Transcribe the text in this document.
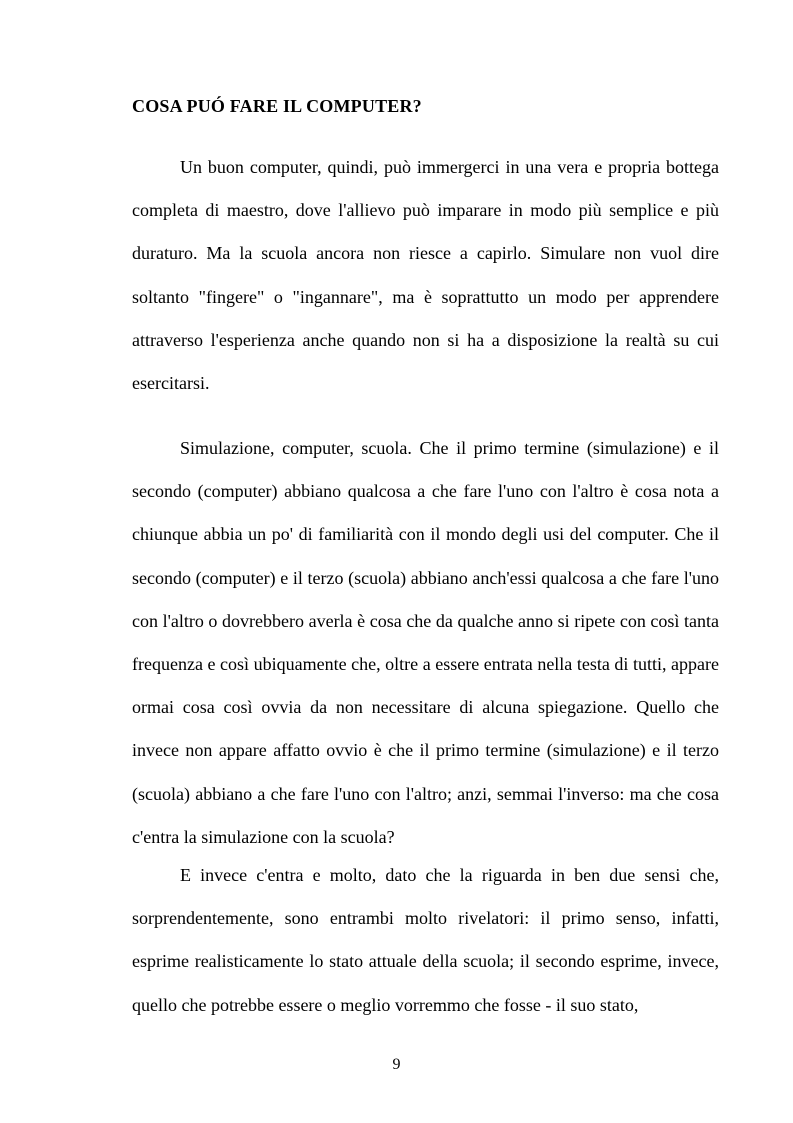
COSA PUÓ FARE IL COMPUTER?

Un buon computer, quindi, può immergerci in una vera e propria bottega completa di maestro, dove l'allievo può imparare in modo più semplice e più duraturo. Ma la scuola ancora non riesce a capirlo. Simulare non vuol dire soltanto "fingere" o "ingannare", ma è soprattutto un modo per apprendere attraverso l'esperienza anche quando non si ha a disposizione la realtà su cui esercitarsi.

Simulazione, computer, scuola. Che il primo termine (simulazione) e il secondo (computer) abbiano qualcosa a che fare l'uno con l'altro è cosa nota a chiunque abbia un po' di familiarità con il mondo degli usi del computer. Che il secondo (computer) e il terzo (scuola) abbiano anch'essi qualcosa a che fare l'uno con l'altro o dovrebbero averla è cosa che da qualche anno si ripete con così tanta frequenza e così ubiquamente che, oltre a essere entrata nella testa di tutti, appare ormai cosa così ovvia da non necessitare di alcuna spiegazione. Quello che invece non appare affatto ovvio è che il primo termine (simulazione) e il terzo (scuola) abbiano a che fare l'uno con l'altro; anzi, semmai l'inverso: ma che cosa c'entra la simulazione con la scuola?

E invece c'entra e molto, dato che la riguarda in ben due sensi che, sorprendentemente, sono entrambi molto rivelatori: il primo senso, infatti, esprime realisticamente lo stato attuale della scuola; il secondo esprime, invece, quello che potrebbe essere o meglio vorremmo che fosse - il suo stato,

9
